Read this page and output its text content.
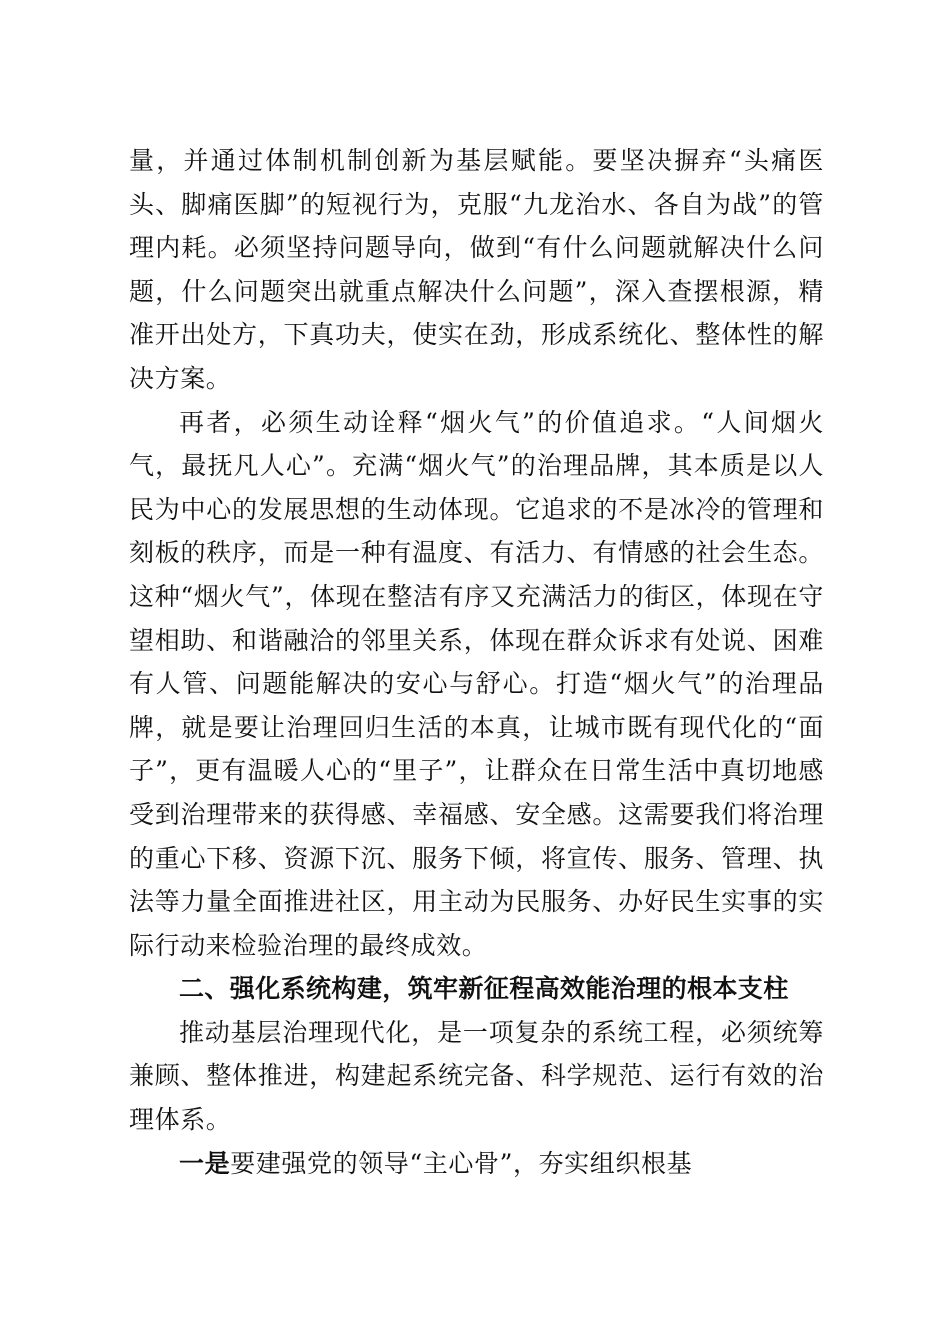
量，并通过体制机制创新为基层赋能。要坚决摒弃“头痛医头、脚痛医脚”的短视行为，克服“九龙治水、各自为战”的管理内耗。必须坚持问题导向，做到“有什么问题就解决什么问题，什么问题突出就重点解决什么问题”，深入查摆根源，精准开出处方，下真功夫，使实在劲，形成系统化、整体性的解决方案。

再者，必须生动诠释“烟火气”的价值追求。“人间烟火气，最抚凡人心”。充满“烟火气”的治理品牌，其本质是以人民为中心的发展思想的生动体现。它追求的不是冰冷的管理和刻板的秩序，而是一种有温度、有活力、有情感的社会生态。这种“烟火气”，体现在整洁有序又充满活力的街区，体现在守望相助、和谐融洽的邻里关系，体现在群众诉求有处说、困难有人管、问题能解决的安心与舒心。打造“烟火气”的治理品牌，就是要让治理回归生活的本真，让城市既有现代化的“面子”，更有温暖人心的“里子”，让群众在日常生活中真切地感受到治理带来的获得感、幸福感、安全感。这需要我们将治理的重心下移、资源下沉、服务下倾，将宣传、服务、管理、执法等力量全面推进社区，用主动为民服务、办好民生实事的实际行动来检验治理的最终成效。

二、强化系统构建，筑牢新征程高效能治理的根本支柱

推动基层治理现代化，是一项复杂的系统工程，必须统筹兼顾、整体推进，构建起系统完备、科学规范、运行有效的治理体系。

一是要建强党的领导“主心骨”，夯实组织根基
